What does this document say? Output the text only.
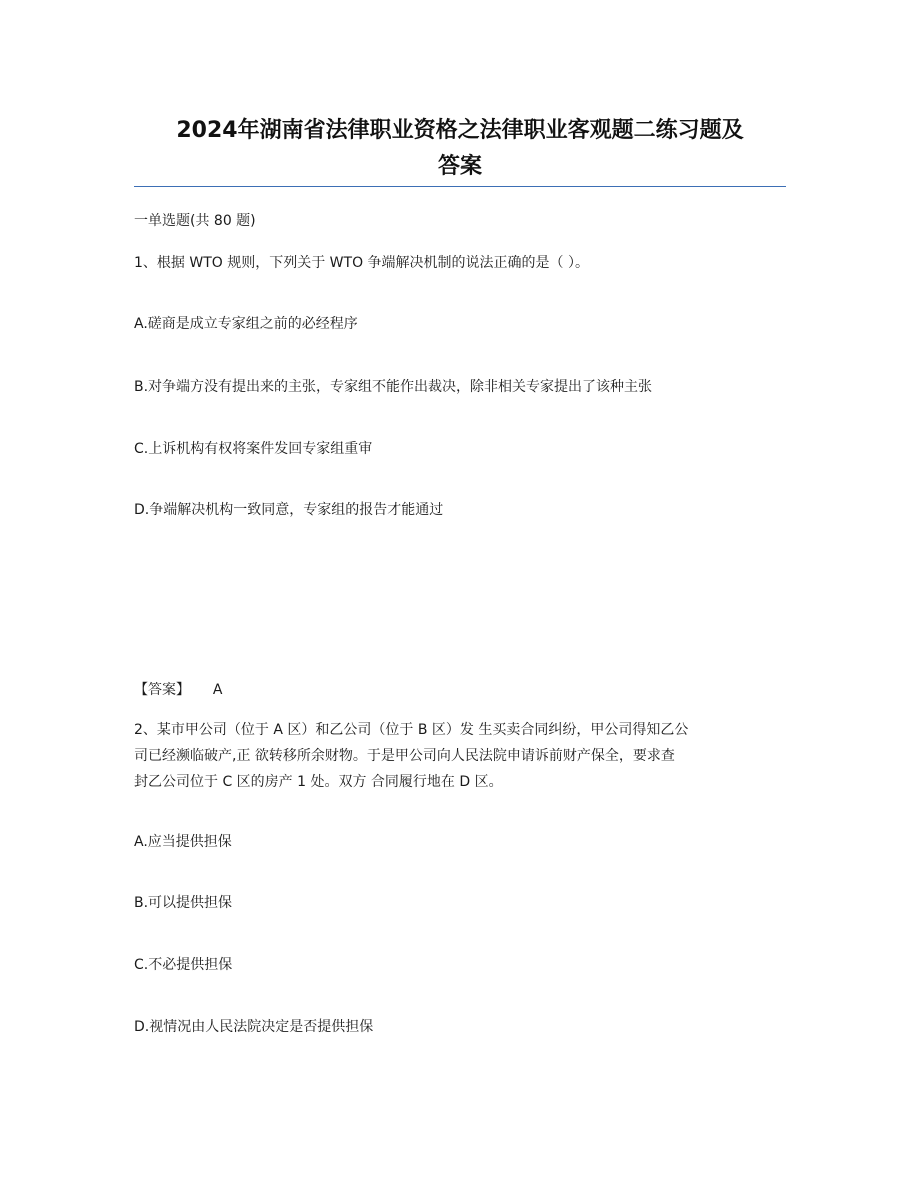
2024年湖南省法律职业资格之法律职业客观题二练习题及
答案
一单选题(共 80 题)
1、根据 WTO 规则，下列关于 WTO 争端解决机制的说法正确的是（ ）。
A.磋商是成立专家组之前的必经程序
B.对争端方没有提出来的主张，专家组不能作出裁决，除非相关专家提出了该种主张
C.上诉机构有权将案件发回专家组重审
D.争端解决机构一致同意，专家组的报告才能通过
【答案】 A
2、某市甲公司（位于 A 区）和乙公司（位于 B 区）发 生买卖合同纠纷，甲公司得知乙公
司已经濒临破产,正 欲转移所余财物。于是甲公司向人民法院申请诉前财产保全，要求查
封乙公司位于 C 区的房产 1 处。双方 合同履行地在 D 区。
A.应当提供担保
B.可以提供担保
C.不必提供担保
D.视情况由人民法院决定是否提供担保
